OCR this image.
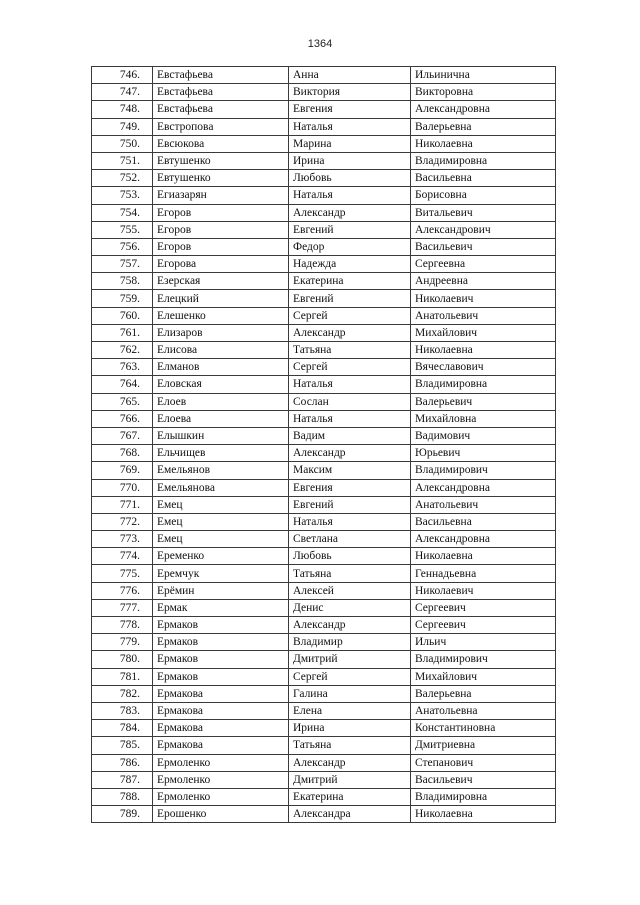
1364
746.	Евстафьева	Анна	Ильинична
747.	Евстафьева	Виктория	Викторовна
748.	Евстафьева	Евгения	Александровна
749.	Евстропова	Наталья	Валерьевна
750.	Евсюкова	Марина	Николаевна
751.	Евтушенко	Ирина	Владимировна
752.	Евтушенко	Любовь	Васильевна
753.	Егиазарян	Наталья	Борисовна
754.	Егоров	Александр	Витальевич
755.	Егоров	Евгений	Александрович
756.	Егоров	Федор	Васильевич
757.	Егорова	Надежда	Сергеевна
758.	Езерская	Екатерина	Андреевна
759.	Елецкий	Евгений	Николаевич
760.	Елешенко	Сергей	Анатольевич
761.	Елизаров	Александр	Михайлович
762.	Елисова	Татьяна	Николаевна
763.	Елманов	Сергей	Вячеславович
764.	Еловская	Наталья	Владимировна
765.	Елоев	Сослан	Валерьевич
766.	Елоева	Наталья	Михайловна
767.	Елышкин	Вадим	Вадимович
768.	Ельчищев	Александр	Юрьевич
769.	Емельянов	Максим	Владимирович
770.	Емельянова	Евгения	Александровна
771.	Емец	Евгений	Анатольевич
772.	Емец	Наталья	Васильевна
773.	Емец	Светлана	Александровна
774.	Еременко	Любовь	Николаевна
775.	Еремчук	Татьяна	Геннадьевна
776.	Ерёмин	Алексей	Николаевич
777.	Ермак	Денис	Сергеевич
778.	Ермаков	Александр	Сергеевич
779.	Ермаков	Владимир	Ильич
780.	Ермаков	Дмитрий	Владимирович
781.	Ермаков	Сергей	Михайлович
782.	Ермакова	Галина	Валерьевна
783.	Ермакова	Елена	Анатольевна
784.	Ермакова	Ирина	Константиновна
785.	Ермакова	Татьяна	Дмитриевна
786.	Ермоленко	Александр	Степанович
787.	Ермоленко	Дмитрий	Васильевич
788.	Ермоленко	Екатерина	Владимировна
789.	Ерошенко	Александра	Николаевна
